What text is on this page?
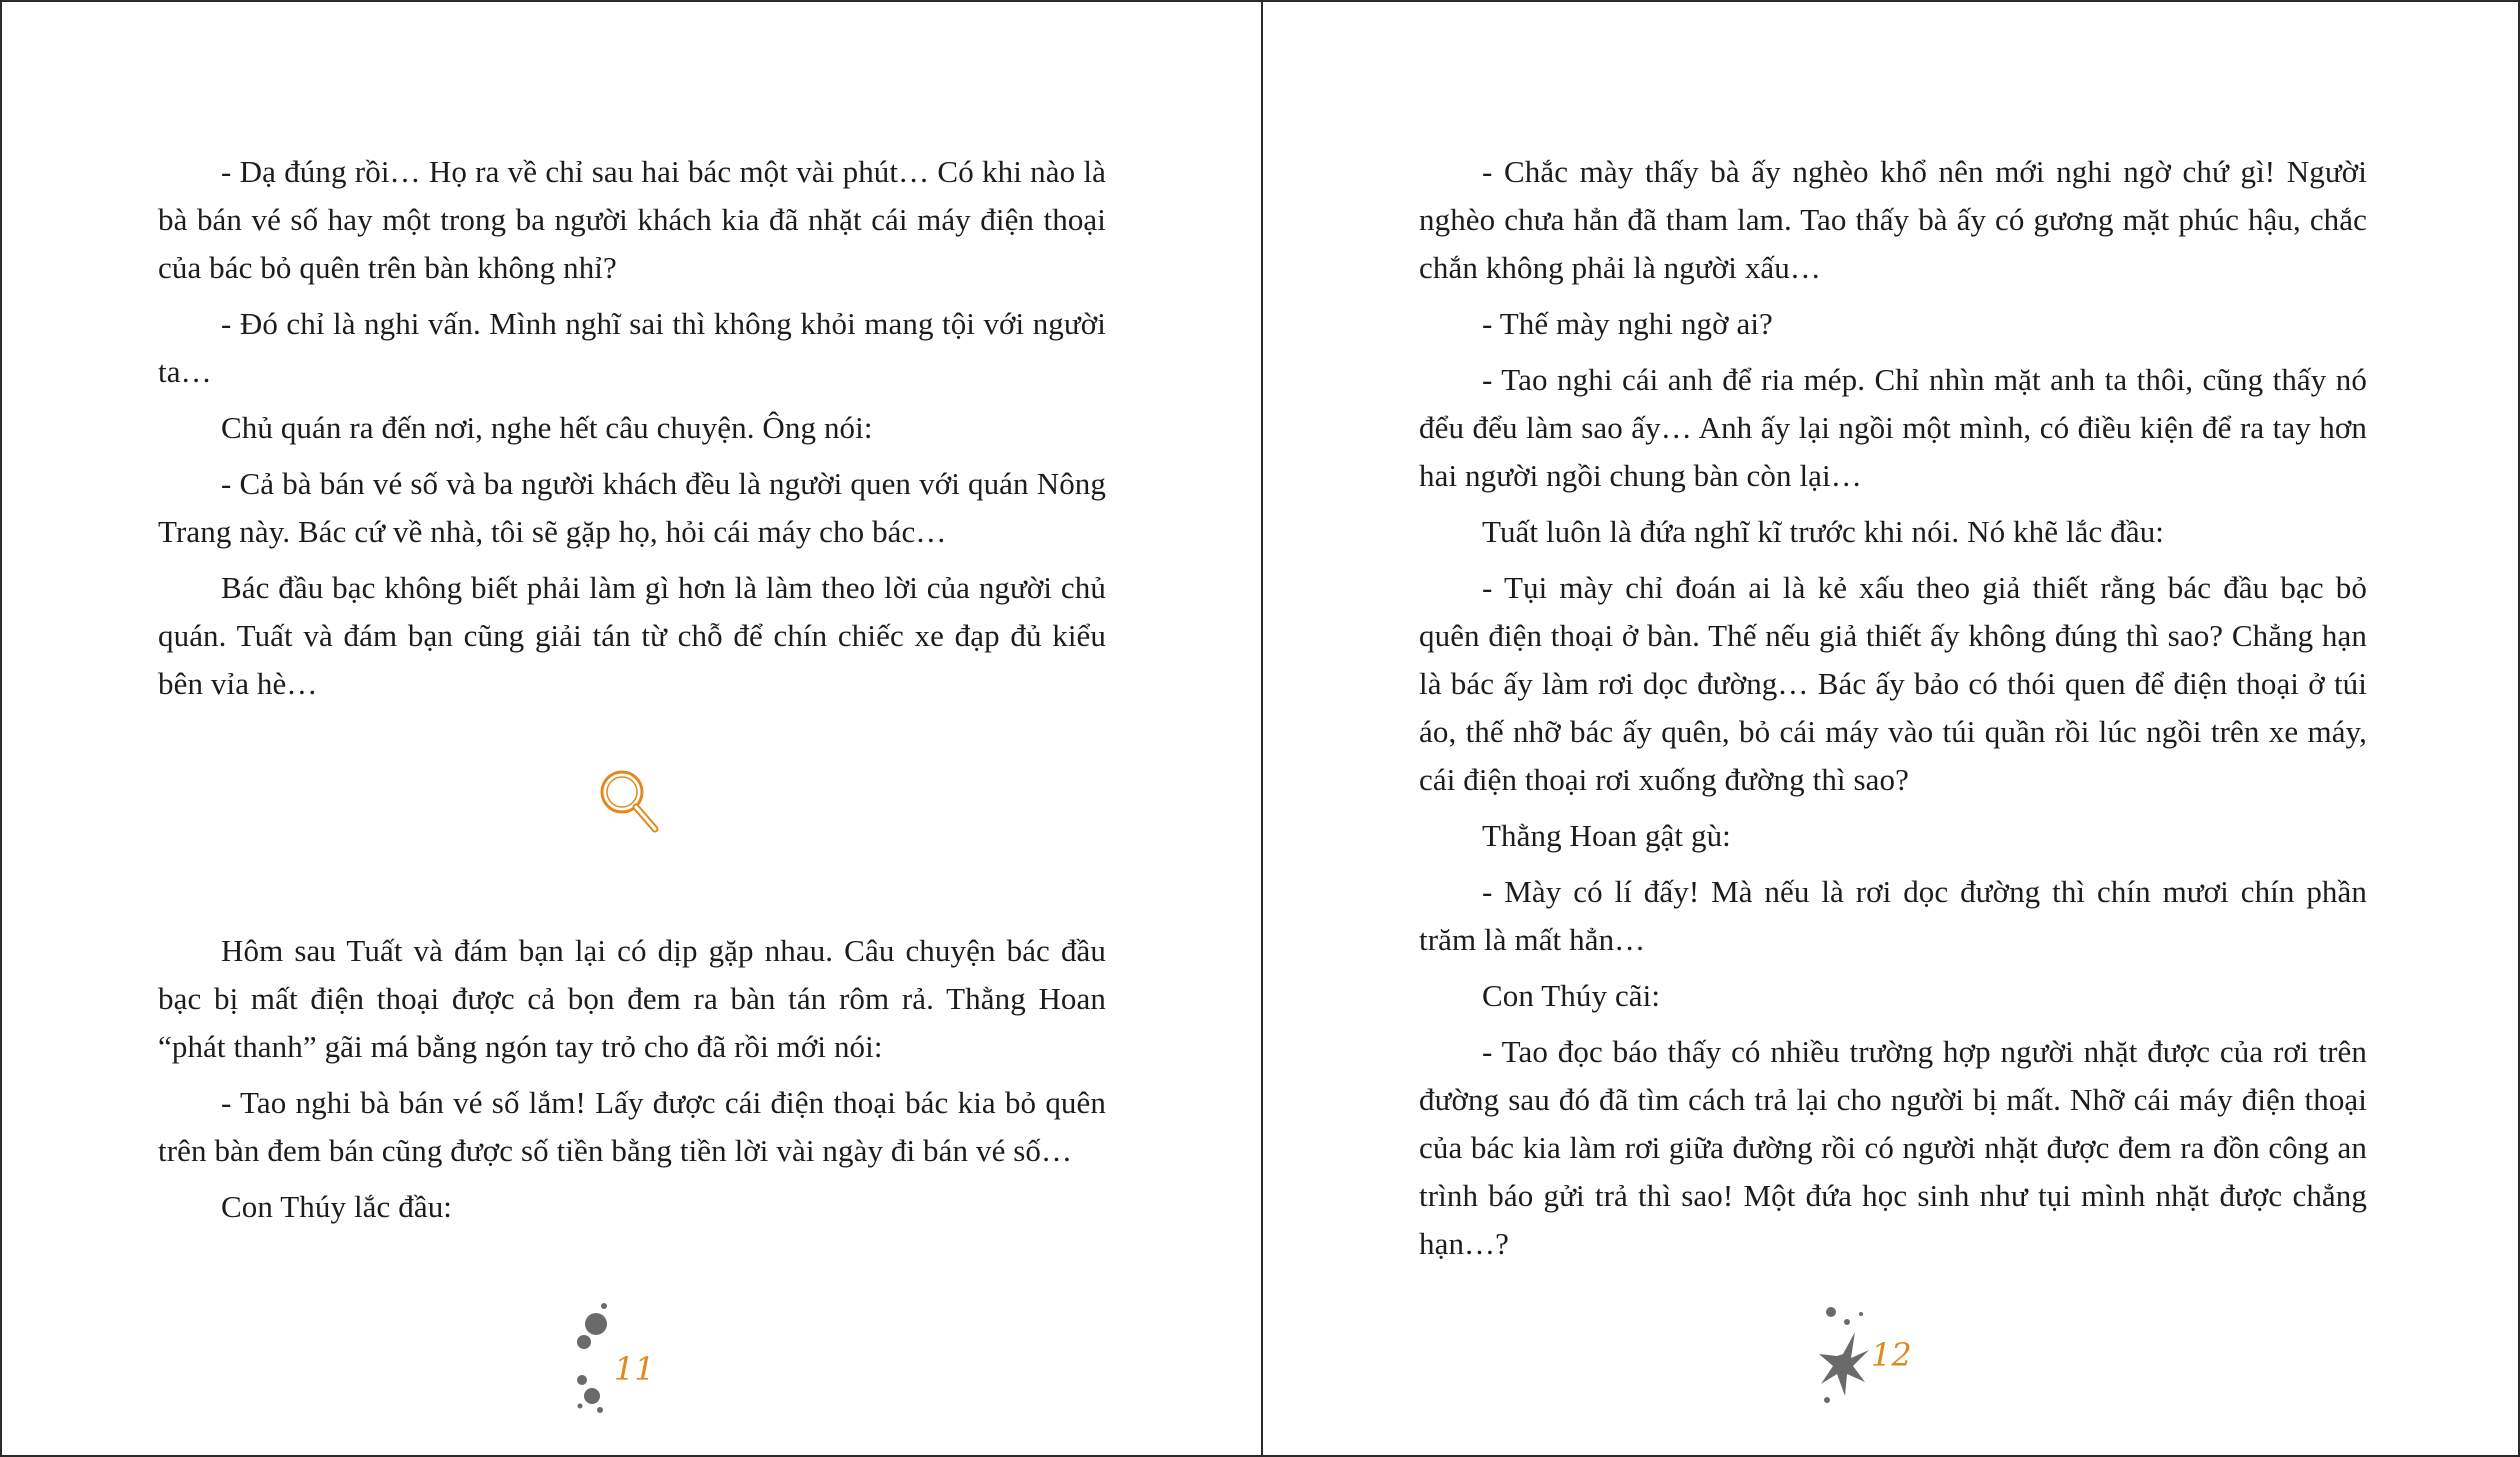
- Dạ đúng rồi… Họ ra về chỉ sau hai bác một vài phút… Có khi nào là bà bán vé số hay một trong ba người khách kia đã nhặt cái máy điện thoại của bác bỏ quên trên bàn không nhỉ?

- Đó chỉ là nghi vấn. Mình nghĩ sai thì không khỏi mang tội với người ta…

Chủ quán ra đến nơi, nghe hết câu chuyện. Ông nói:

- Cả bà bán vé số và ba người khách đều là người quen với quán Nông Trang này. Bác cứ về nhà, tôi sẽ gặp họ, hỏi cái máy cho bác…

Bác đầu bạc không biết phải làm gì hơn là làm theo lời của người chủ quán. Tuất và đám bạn cũng giải tán từ chỗ để chín chiếc xe đạp đủ kiểu bên vỉa hè…

Hôm sau Tuất và đám bạn lại có dịp gặp nhau. Câu chuyện bác đầu bạc bị mất điện thoại được cả bọn đem ra bàn tán rôm rả. Thằng Hoan “phát thanh” gãi má bằng ngón tay trỏ cho đã rồi mới nói:

- Tao nghi bà bán vé số lắm! Lấy được cái điện thoại bác kia bỏ quên trên bàn đem bán cũng được số tiền bằng tiền lời vài ngày đi bán vé số…

Con Thúy lắc đầu:

11

- Chắc mày thấy bà ấy nghèo khổ nên mới nghi ngờ chứ gì! Người nghèo chưa hẳn đã tham lam. Tao thấy bà ấy có gương mặt phúc hậu, chắc chắn không phải là người xấu…

- Thế mày nghi ngờ ai?

- Tao nghi cái anh để ria mép. Chỉ nhìn mặt anh ta thôi, cũng thấy nó đểu đểu làm sao ấy… Anh ấy lại ngồi một mình, có điều kiện để ra tay hơn hai người ngồi chung bàn còn lại…

Tuất luôn là đứa nghĩ kĩ trước khi nói. Nó khẽ lắc đầu:

- Tụi mày chỉ đoán ai là kẻ xấu theo giả thiết rằng bác đầu bạc bỏ quên điện thoại ở bàn. Thế nếu giả thiết ấy không đúng thì sao? Chẳng hạn là bác ấy làm rơi dọc đường… Bác ấy bảo có thói quen để điện thoại ở túi áo, thế nhỡ bác ấy quên, bỏ cái máy vào túi quần rồi lúc ngồi trên xe máy, cái điện thoại rơi xuống đường thì sao?

Thằng Hoan gật gù:

- Mày có lí đấy! Mà nếu là rơi dọc đường thì chín mươi chín phần trăm là mất hẳn…

Con Thúy cãi:

- Tao đọc báo thấy có nhiều trường hợp người nhặt được của rơi trên đường sau đó đã tìm cách trả lại cho người bị mất. Nhỡ cái máy điện thoại của bác kia làm rơi giữa đường rồi có người nhặt được đem ra đồn công an trình báo gửi trả thì sao! Một đứa học sinh như tụi mình nhặt được chẳng hạn…?

12
